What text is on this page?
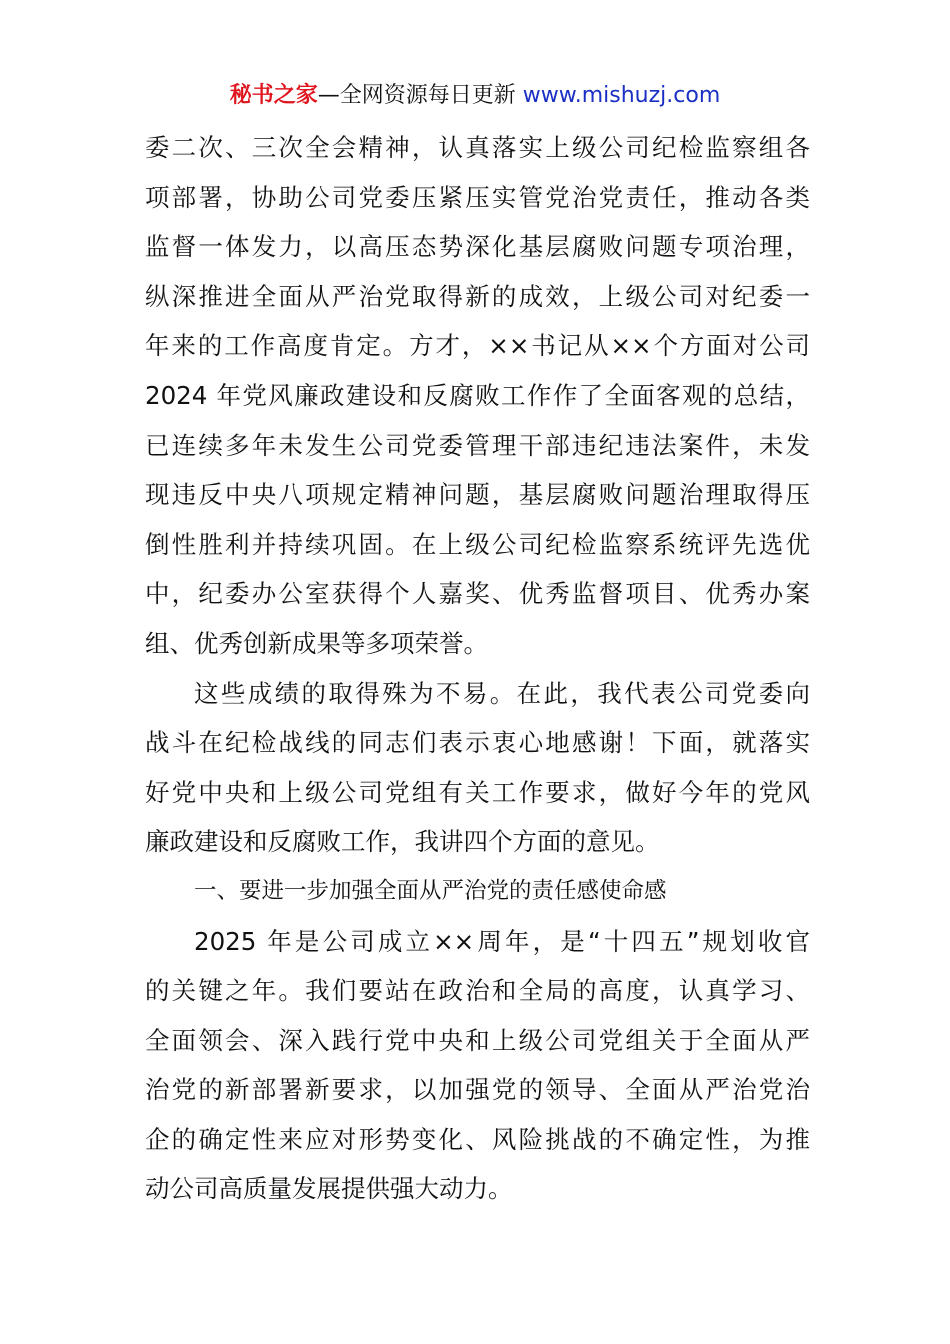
秘书之家—全网资源每日更新 www.mishuzj.com
委二次、三次全会精神，认真落实上级公司纪检监察组各
项部署，协助公司党委压紧压实管党治党责任，推动各类
监督一体发力，以高压态势深化基层腐败问题专项治理，
纵深推进全面从严治党取得新的成效，上级公司对纪委一
年来的工作高度肯定。方才，××书记从××个方面对公司
2024 年党风廉政建设和反腐败工作作了全面客观的总结，
已连续多年未发生公司党委管理干部违纪违法案件，未发
现违反中央八项规定精神问题，基层腐败问题治理取得压
倒性胜利并持续巩固。在上级公司纪检监察系统评先选优
中，纪委办公室获得个人嘉奖、优秀监督项目、优秀办案
组、优秀创新成果等多项荣誉。
这些成绩的取得殊为不易。在此，我代表公司党委向
战斗在纪检战线的同志们表示衷心地感谢！下面，就落实
好党中央和上级公司党组有关工作要求，做好今年的党风
廉政建设和反腐败工作，我讲四个方面的意见。
一、要进一步加强全面从严治党的责任感使命感
2025 年是公司成立××周年，是“十四五”规划收官
的关键之年。我们要站在政治和全局的高度，认真学习、
全面领会、深入践行党中央和上级公司党组关于全面从严
治党的新部署新要求，以加强党的领导、全面从严治党治
企的确定性来应对形势变化、风险挑战的不确定性，为推
动公司高质量发展提供强大动力。
